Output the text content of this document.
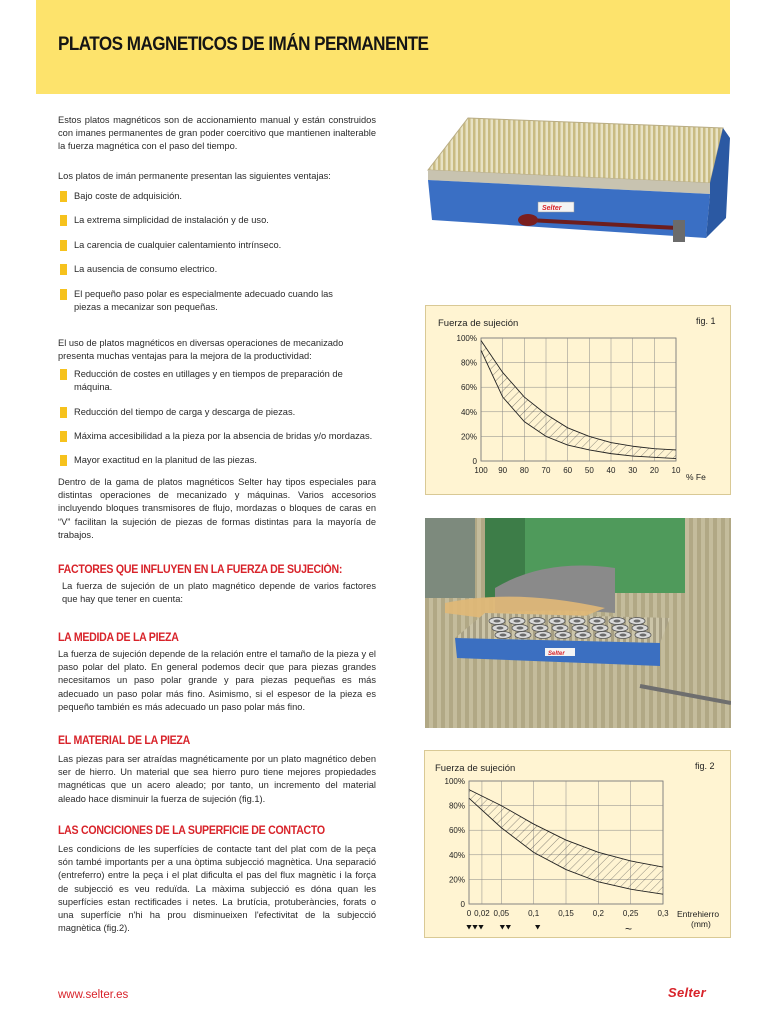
PLATOS MAGNETICOS DE IMÁN PERMANENTE
Estos platos magnéticos son de accionamiento manual y están construidos con imanes permanentes de gran poder coercitivo que mantienen inalterable la fuerza magnética con el paso del tiempo.
Los platos de imán permanente presentan las siguientes ventajas:
Bajo coste de adquisición.
La extrema simplicidad de instalación y de uso.
La carencia de cualquier calentamiento intrínseco.
La ausencia de consumo electrico.
El pequeño paso polar es especialmente adecuado cuando las piezas a mecanizar son pequeñas.
El uso de platos magnéticos en diversas operaciones de mecanizado presenta muchas ventajas para la mejora de la productividad:
Reducción de costes en utillages y en tiempos de preparación de máquina.
Reducción del tiempo de carga y descarga de piezas.
Máxima accesibilidad a la pieza por la absencia de bridas y/o mordazas.
Mayor exactitud en la planitud de las piezas.
Dentro de la gama de platos magnéticos Selter hay tipos especiales para distintas operaciones de mecanizado y máquinas. Varios accesorios incluyendo bloques transmisores de flujo, mordazas o bloques de caras en “V” facilitan la sujeción de piezas de formas distintas para la mayoría de trabajos.
FACTORES QUE INFLUYEN EN LA FUERZA DE SUJECIÓN:
La fuerza de sujeción de un plato magnético depende de varios factores que hay que tener en cuenta:
LA MEDIDA DE LA PIEZA
La fuerza de sujeción depende de la relación entre el tamaño de la pieza y el paso polar del plato. En general podemos decir que para piezas grandes necesitamos un paso polar grande y para piezas pequeñas es más adecuado un paso polar más fino. Asimismo, si el espesor de la pieza es pequeño también es más adecuado un paso polar más fino.
EL MATERIAL DE LA PIEZA
Las piezas para ser atraídas magnéticamente por un plato magnético deben ser de hierro. Un material que sea hierro puro tiene mejores propiedades magnéticas que un acero aleado; por tanto, un incremento del material aleado hace disminuir la fuerza de sujeción (fig.1).
LAS CONCICIONES DE LA SUPERFICIE DE CONTACTO
Les condicions de les superfícies de contacte tant del plat com de la peça són també importants per a una òptima subjecció magnètica. Una separació (entreferro) entre la peça i el plat dificulta el pas del flux magnètic i la força de subjecció es veu reduïda. La màxima subjecció es dóna quan les superfícies estan rectificades i netes. La brutícia, protuberàncies, forats o una superfície n'hi ha prou disminueixen l'efectivitat de la subjecció magnètica (fig.2).
Selter
Fuerza de sujeción	fig. 1
100%
80%
60%
40%
20%
0
100 90 80 70 60 50 40 30 20 10
% Fe
Selter
Fuerza de sujeción	fig. 2
100%
80%
60%
40%
20%
0
0 0,02 0,05 0,1 0,15 0,2 0,25 0,3 Entrehierro (mm)
~
www.selter.es	Selter
